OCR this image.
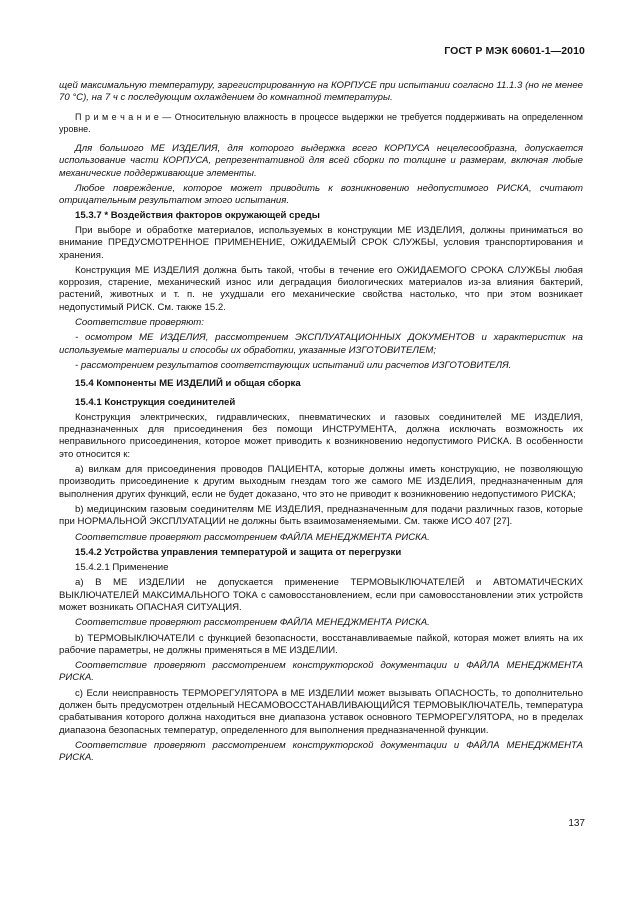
ГОСТ Р МЭК 60601-1—2010

щей максимальную температуру, зарегистрированную на КОРПУСЕ при испытании согласно 11.1.3 (но не менее 70 °С), на 7 ч с последующим охлаждением до комнатной температуры.

П р и м е ч а н и е — Относительную влажность в процессе выдержки не требуется поддерживать на определенном уровне.

Для большого МЕ ИЗДЕЛИЯ, для которого выдержка всего КОРПУСА нецелесообразна, допускается использование части КОРПУСА, репрезентативной для всей сборки по толщине и размерам, включая любые механические поддерживающие элементы.

Любое повреждение, которое может приводить к возникновению недопустимого РИСКА, считают отрицательным результатом этого испытания.

15.3.7 * Воздействия факторов окружающей среды

При выборе и обработке материалов, используемых в конструкции МЕ ИЗДЕЛИЯ, должны приниматься во внимание ПРЕДУСМОТРЕННОЕ ПРИМЕНЕНИЕ, ОЖИДАЕМЫЙ СРОК СЛУЖБЫ, условия транспортирования и хранения.

Конструкция МЕ ИЗДЕЛИЯ должна быть такой, чтобы в течение его ОЖИДАЕМОГО СРОКА СЛУЖБЫ любая коррозия, старение, механический износ или деградация биологических материалов из-за влияния бактерий, растений, животных и т. п. не ухудшали его механические свойства настолько, что при этом возникает недопустимый РИСК. См. также 15.2.

Соответствие проверяют:

- осмотром МЕ ИЗДЕЛИЯ, рассмотрением ЭКСПЛУАТАЦИОННЫХ ДОКУМЕНТОВ и характеристик на используемые материалы и способы их обработки, указанные ИЗГОТОВИТЕЛЕМ;

- рассмотрением результатов соответствующих испытаний или расчетов ИЗГОТОВИТЕЛЯ.

15.4 Компоненты МЕ ИЗДЕЛИЙ и общая сборка

15.4.1 Конструкция соединителей

Конструкция электрических, гидравлических, пневматических и газовых соединителей МЕ ИЗДЕЛИЯ, предназначенных для присоединения без помощи ИНСТРУМЕНТА, должна исключать возможность их неправильного присоединения, которое может приводить к возникновению недопустимого РИСКА. В особенности это относится к:

а) вилкам для присоединения проводов ПАЦИЕНТА, которые должны иметь конструкцию, не позволяющую производить присоединение к другим выходным гнездам того же самого МЕ ИЗДЕЛИЯ, предназначенным для выполнения других функций, если не будет доказано, что это не приводит к возникновению недопустимого РИСКА;

b) медицинским газовым соединителям МЕ ИЗДЕЛИЯ, предназначенным для подачи различных газов, которые при НОРМАЛЬНОЙ ЭКСПЛУАТАЦИИ не должны быть взаимозаменяемыми. См. также ИСО 407 [27].

Соответствие проверяют рассмотрением ФАЙЛА МЕНЕДЖМЕНТА РИСКА.

15.4.2 Устройства управления температурой и защита от перегрузки

15.4.2.1 Применение

а) В МЕ ИЗДЕЛИИ не допускается применение ТЕРМОВЫКЛЮЧАТЕЛЕЙ и АВТОМАТИЧЕСКИХ ВЫКЛЮЧАТЕЛЕЙ МАКСИМАЛЬНОГО ТОКА с самовосстановлением, если при самовосстановлении этих устройств может возникать ОПАСНАЯ СИТУАЦИЯ.

Соответствие проверяют рассмотрением ФАЙЛА МЕНЕДЖМЕНТА РИСКА.

b) ТЕРМОВЫКЛЮЧАТЕЛИ с функцией безопасности, восстанавливаемые пайкой, которая может влиять на их рабочие параметры, не должны применяться в МЕ ИЗДЕЛИИ.

Соответствие проверяют рассмотрением конструкторской документации и ФАЙЛА МЕНЕДЖМЕНТА РИСКА.

с) Если неисправность ТЕРМОРЕГУЛЯТОРА в МЕ ИЗДЕЛИИ может вызывать ОПАСНОСТЬ, то дополнительно должен быть предусмотрен отдельный НЕСАМОВОССТАНАВЛИВАЮЩИЙСЯ ТЕРМОВЫКЛЮЧАТЕЛЬ, температура срабатывания которого должна находиться вне диапазона уставок основного ТЕРМОРЕГУЛЯТОРА, но в пределах диапазона безопасных температур, определенного для выполнения предназначенной функции.

Соответствие проверяют рассмотрением конструкторской документации и ФАЙЛА МЕНЕДЖМЕНТА РИСКА.

137
